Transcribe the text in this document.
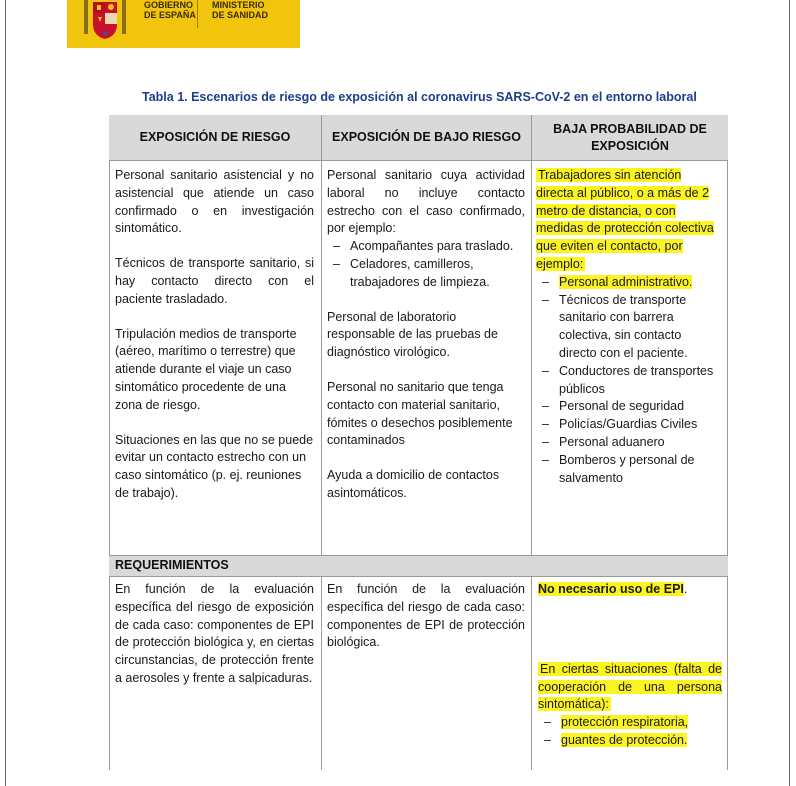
GOBIERNO
DE ESPAÑA
MINISTERIO
DE SANIDAD
Tabla 1. Escenarios de riesgo de exposición al coronavirus SARS-CoV-2 en el entorno laboral
EXPOSICIÓN DE RIESGO	EXPOSICIÓN DE BAJO RIESGO
BAJA PROBABILIDAD DE EXPOSICIÓN

Personal sanitario asistencial y no asistencial que atiende un caso confirmado o en investigación sintomático.

Técnicos de transporte sanitario, si hay contacto directo con el paciente trasladado.

Tripulación medios de transporte (aéreo, marítimo o terrestre) que atiende durante el viaje un caso sintomático procedente de una zona de riesgo.

Situaciones en las que no se puede evitar un contacto estrecho con un caso sintomático (p. ej. reuniones de trabajo).

Personal sanitario cuya actividad laboral no incluye contacto estrecho con el caso confirmado, por ejemplo:

– Acompañantes para traslado.
– Celadores, camilleros, trabajadores de limpieza.

Personal de laboratorio responsable de las pruebas de diagnóstico virológico.

Personal no sanitario que tenga contacto con material sanitario, fómites o desechos posiblemente contaminados

Ayuda a domicilio de contactos asintomáticos.

Trabajadores sin atención directa al público, o a más de 2 metro de distancia, o con medidas de protección colectiva que eviten el contacto, por ejemplo:

– Personal administrativo.
– Técnicos de transporte sanitario con barrera colectiva, sin contacto directo con el paciente.
– Conductores de transportes públicos
– Personal de seguridad
– Policías/Guardias Civiles
– Personal aduanero
– Bomberos y personal de salvamento
REQUERIMIENTOS

En función de la evaluación específica del riesgo de exposición de cada caso: componentes de EPI de protección biológica y, en ciertas circunstancias, de protección frente a aerosoles y frente a salpicaduras.

En función de la evaluación específica del riesgo de cada caso: componentes de EPI de protección biológica.

No necesario uso de EPI.

En ciertas situaciones (falta de cooperación de una persona sintomática):

– protección respiratoria,
– guantes de protección.
